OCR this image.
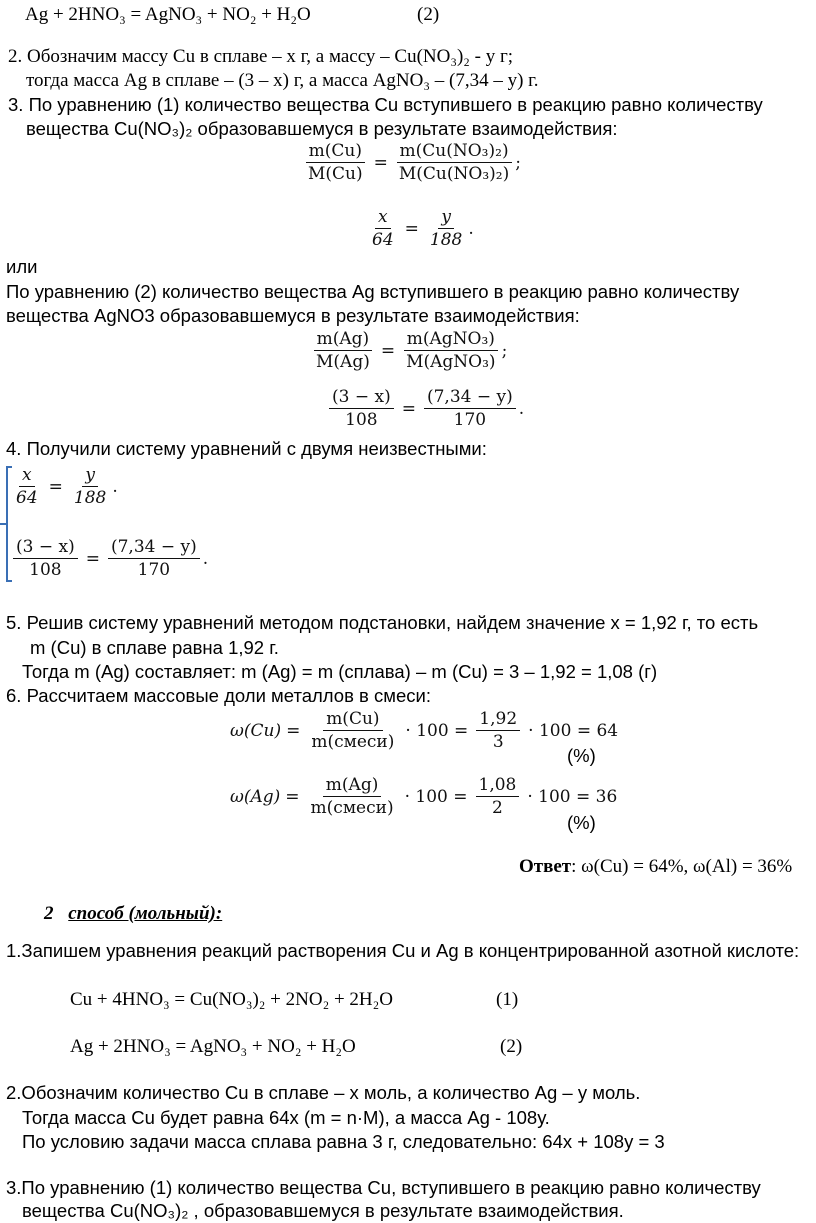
Ag + 2HNO₃ = AgNO₃ + NO₂ + H₂O	(2)
2. Обозначим массу Cu в сплаве – х г, а массу – Cu(NO₃)₂ - у г;
тогда масса Ag в сплаве – (3 – х) г, а масса AgNO₃ – (7,34 – у) г.
3. По уравнению (1) количество вещества Cu вступившего в реакцию равно количеству
вещества Cu(NO₃)₂ образовавшемуся в результате взаимодействия:
$\frac{m(Cu)}{M(Cu)} = \frac{\text{m(Cu(NO₃)₂)}}{\text{M(Cu(NO₃)₂)}}$ ;
$\frac{x}{64} = \frac{y}{188}$ .
или
По уравнению (2) количество вещества Ag вступившего в реакцию равно количеству
вещества AgNO3 образовавшемуся в результате взаимодействия:
$\frac{m(Ag)}{M(Ag)} = \frac{\text{m(AgNO₃)}}{\text{M(AgNO₃)}}$ ;
$\frac{(3 - x)}{108} = \frac{(7,34 - y)}{170}$ .
4. Получили систему уравнений с двумя неизвестными:
$\frac{x}{64} = \frac{y}{188}$ .
$\frac{(3 - x)}{108} = \frac{(7,34 - y)}{170}$ .
5. Решив систему уравнений методом подстановки, найдем значение х = 1,92 г, то есть
m (Cu) в сплаве равна 1,92 г.
Тогда m (Ag) составляет: m (Ag) = m (сплава) – m (Cu) = 3 – 1,92 = 1,08 (г)
6. Рассчитаем массовые доли металлов в смеси:
$\omega(Cu) = \frac{m(Cu)}{\text{m(смеси)}} \cdot 100 = \frac{1,92}{3} \cdot 100 = 64$
(%)
$\omega(Ag) = \frac{m(Ag)}{\text{m(смеси)}} \cdot 100 = \frac{1,08}{2} \cdot 100 = 36$
(%)
Ответ: ω(Cu) = 64%, ω(Al) = 36%
2 способ (мольный):
1.Запишем уравнения реакций растворения Cu и Ag в концентрированной азотной кислоте:
Cu + 4HNO₃ = Cu(NO₃)₂ + 2NO₂ + 2H₂O	(1)
Ag + 2HNO₃ = AgNO₃ + NO₂ + H₂O	(2)
2.Обозначим количество Cu в сплаве – х моль, а количество Ag – у моль.
Тогда масса Cu будет равна 64х (m = n·M), а масса Ag - 108у.
По условию задачи масса сплава равна 3 г, следовательно: 64х + 108у = 3
3.По уравнению (1) количество вещества Cu, вступившего в реакцию равно количеству
вещества Cu(NO₃)₂ , образовавшемуся в результате взаимодействия.
